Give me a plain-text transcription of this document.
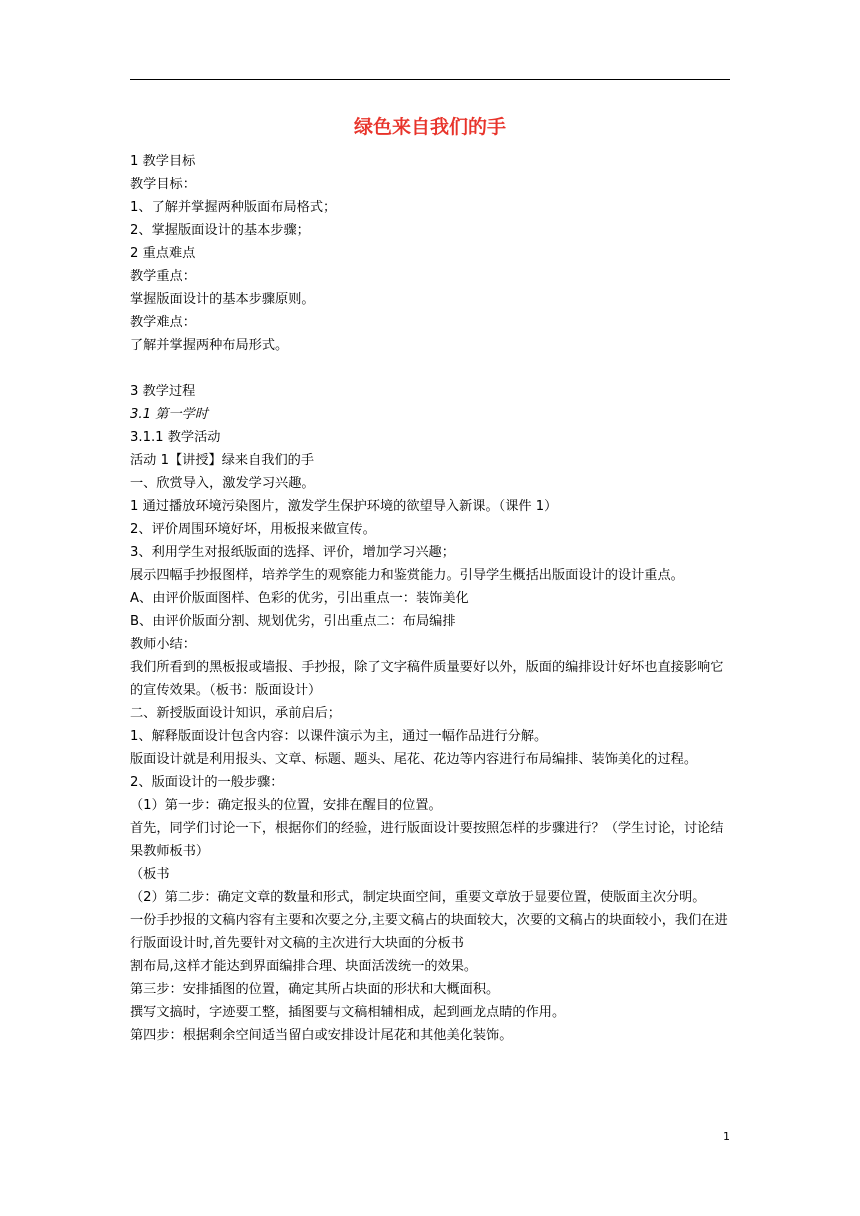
绿色来自我们的手

1 教学目标

教学目标：

1、了解并掌握两种版面布局格式；

2、掌握版面设计的基本步骤；

2 重点难点

教学重点：

掌握版面设计的基本步骤原则。

教学难点：

了解并掌握两种布局形式。

3 教学过程

3.1 第一学时

3.1.1 教学活动

活动 1【讲授】绿来自我们的手

一、欣赏导入，激发学习兴趣。

1 通过播放环境污染图片，激发学生保护环境的欲望导入新课。（课件 1）

2、评价周围环境好坏，用板报来做宣传。

3、利用学生对报纸版面的选择、评价，增加学习兴趣；

展示四幅手抄报图样，培养学生的观察能力和鉴赏能力。引导学生概括出版面设计的设计重点。

A、由评价版面图样、色彩的优劣，引出重点一：装饰美化

B、由评价版面分割、规划优劣，引出重点二：布局编排

教师小结：

我们所看到的黑板报或墙报、手抄报，除了文字稿件质量要好以外，版面的编排设计好坏也直接影响它的宣传效果。（板书：版面设计）

二、新授版面设计知识，承前启后；

1、解释版面设计包含内容：以课件演示为主，通过一幅作品进行分解。

版面设计就是利用报头、文章、标题、题头、尾花、花边等内容进行布局编排、装饰美化的过程。

2、版面设计的一般步骤：

（1）第一步：确定报头的位置，安排在醒目的位置。

首先，同学们讨论一下，根据你们的经验，进行版面设计要按照怎样的步骤进行？（学生讨论，讨论结果教师板书）

（板书

（2）第二步：确定文章的数量和形式，制定块面空间，重要文章放于显要位置，使版面主次分明。

一份手抄报的文稿内容有主要和次要之分,主要文稿占的块面较大，次要的文稿占的块面较小，我们在进行版面设计时,首先要针对文稿的主次进行大块面的分板书

割布局,这样才能达到界面编排合理、块面活泼统一的效果。

第三步：安排插图的位置，确定其所占块面的形状和大概面积。

撰写文搞时，字迹要工整，插图要与文稿相辅相成，起到画龙点睛的作用。

第四步：根据剩余空间适当留白或安排设计尾花和其他美化装饰。

1
